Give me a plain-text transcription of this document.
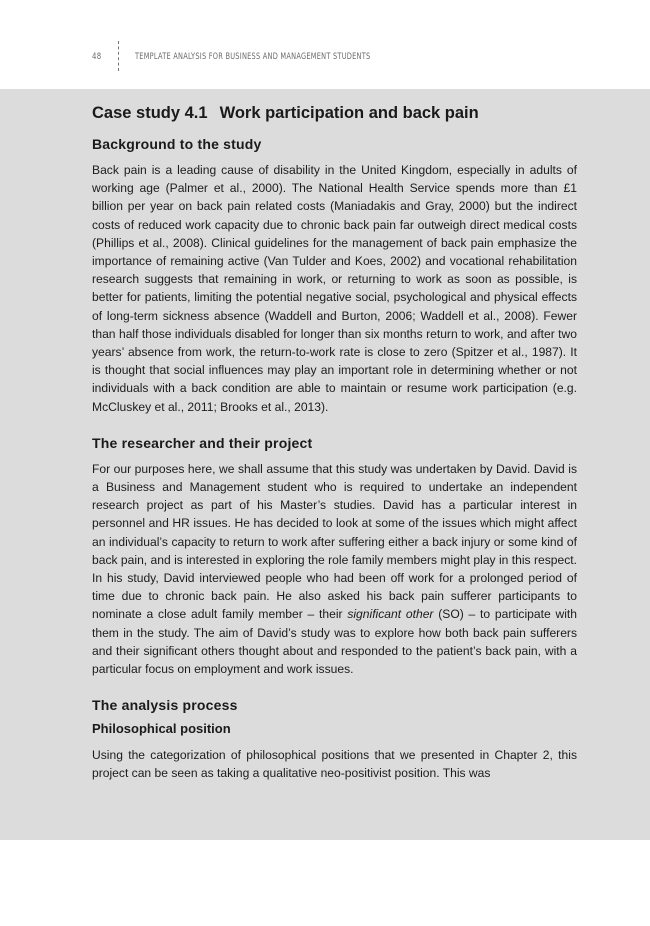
48	TEMPLATE ANALYSIS FOR BUSINESS AND MANAGEMENT STUDENTS
Case study 4.1 Work participation and back pain
Background to the study

Back pain is a leading cause of disability in the United Kingdom, especially in adults of working age (Palmer et al., 2000). The National Health Service spends more than £1 billion per year on back pain related costs (Maniadakis and Gray, 2000) but the indirect costs of reduced work capacity due to chronic back pain far outweigh direct medical costs (Phillips et al., 2008). Clinical guidelines for the management of back pain emphasize the importance of remaining active (Van Tulder and Koes, 2002) and vocational rehabilitation research suggests that remaining in work, or returning to work as soon as possible, is better for patients, limiting the potential negative social, psychological and physical effects of long-term sickness absence (Waddell and Burton, 2006; Waddell et al., 2008). Fewer than half those individuals disabled for longer than six months return to work, and after two years’ absence from work, the return-to-work rate is close to zero (Spitzer et al., 1987). It is thought that social influences may play an important role in determining whether or not individuals with a back condition are able to maintain or resume work participation (e.g. McCluskey et al., 2011; Brooks et al., 2013).

The researcher and their project

For our purposes here, we shall assume that this study was undertaken by David. David is a Business and Management student who is required to undertake an independent research project as part of his Master’s studies. David has a particular interest in personnel and HR issues. He has decided to look at some of the issues which might affect an individual’s capacity to return to work after suffering either a back injury or some kind of back pain, and is interested in exploring the role family members might play in this respect. In his study, David interviewed people who had been off work for a prolonged period of time due to chronic back pain. He also asked his back pain sufferer participants to nominate a close adult family member – their significant other (SO) – to participate with them in the study. The aim of David’s study was to explore how both back pain sufferers and their significant others thought about and responded to the patient’s back pain, with a particular focus on employment and work issues.

The analysis process
Philosophical position

Using the categorization of philosophical positions that we presented in Chapter 2, this project can be seen as taking a qualitative neo-positivist position. This was
